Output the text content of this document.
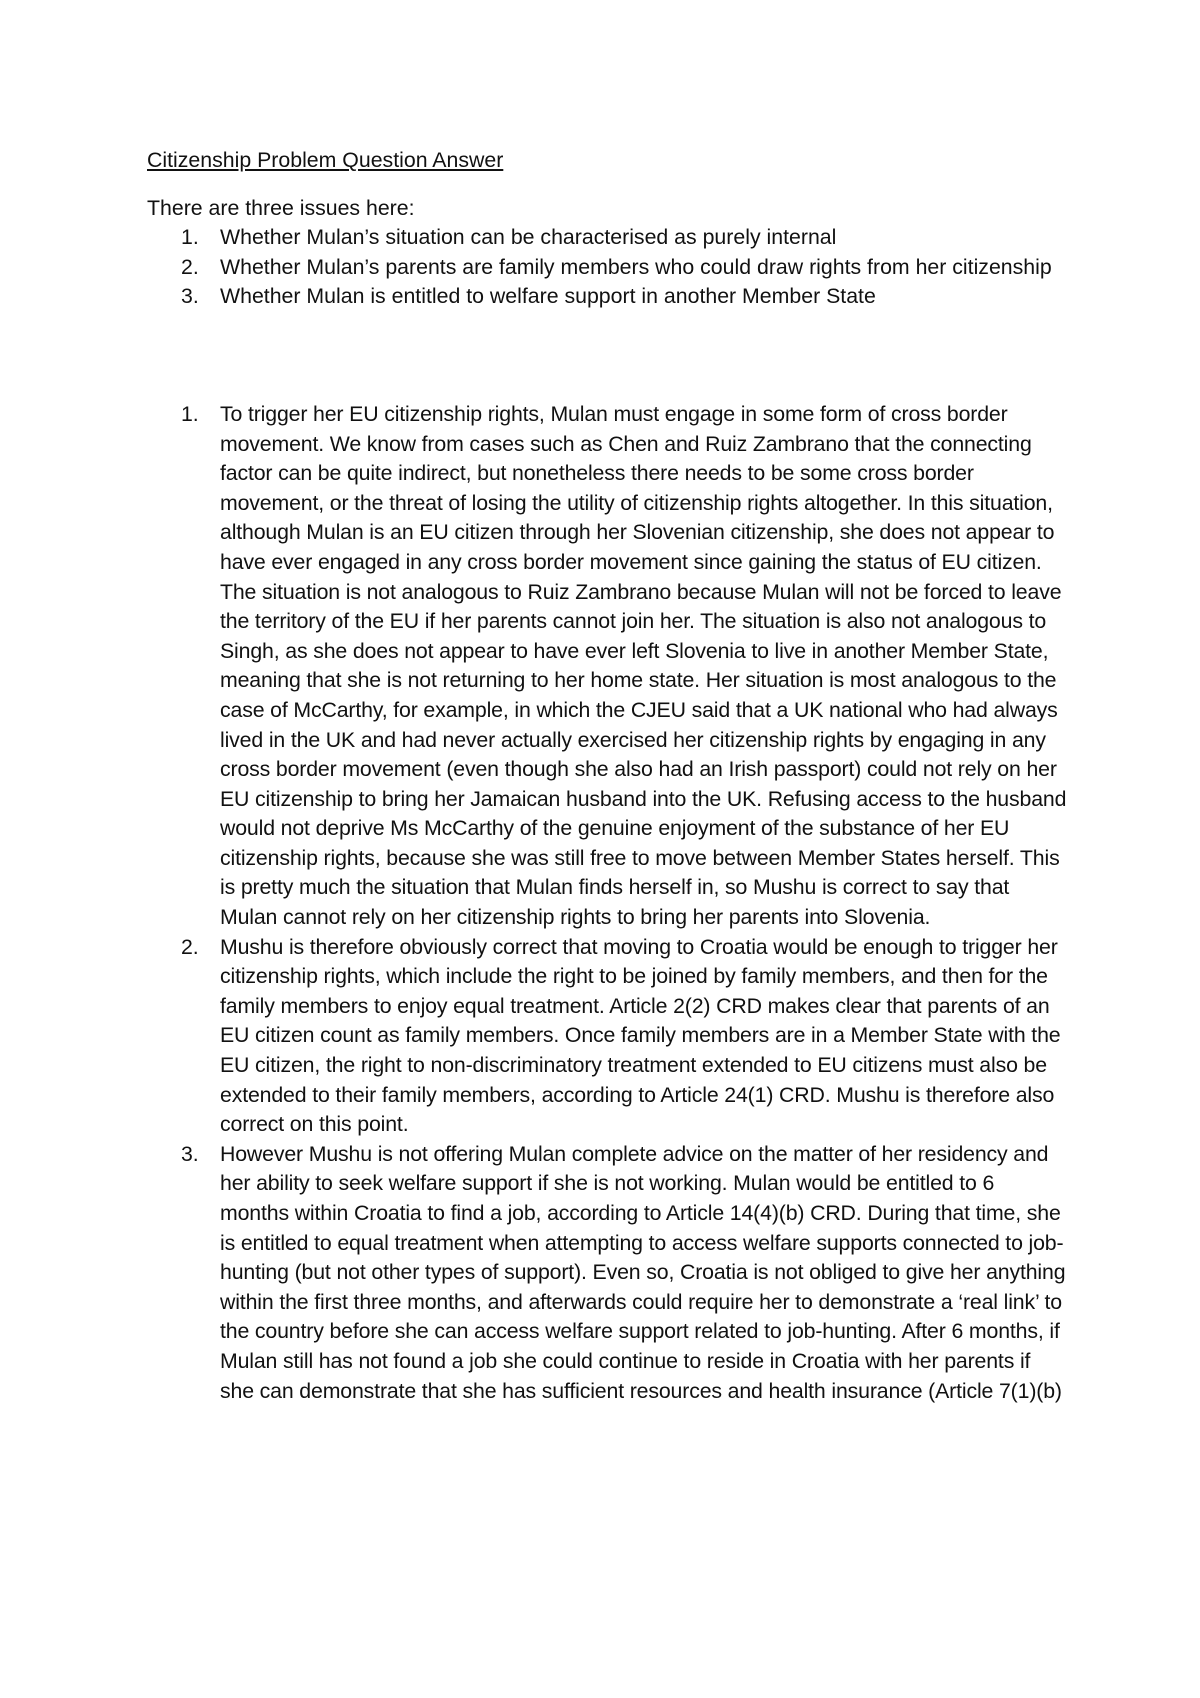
Citizenship Problem Question Answer

There are three issues here:

1. Whether Mulan’s situation can be characterised as purely internal
2. Whether Mulan’s parents are family members who could draw rights from her citizenship
3. Whether Mulan is entitled to welfare support in another Member State
1. To trigger her EU citizenship rights, Mulan must engage in some form of cross border movement. We know from cases such as Chen and Ruiz Zambrano that the connecting factor can be quite indirect, but nonetheless there needs to be some cross border movement, or the threat of losing the utility of citizenship rights altogether. In this situation, although Mulan is an EU citizen through her Slovenian citizenship, she does not appear to have ever engaged in any cross border movement since gaining the status of EU citizen. The situation is not analogous to Ruiz Zambrano because Mulan will not be forced to leave the territory of the EU if her parents cannot join her. The situation is also not analogous to Singh, as she does not appear to have ever left Slovenia to live in another Member State, meaning that she is not returning to her home state. Her situation is most analogous to the case of McCarthy, for example, in which the CJEU said that a UK national who had always lived in the UK and had never actually exercised her citizenship rights by engaging in any cross border movement (even though she also had an Irish passport) could not rely on her EU citizenship to bring her Jamaican husband into the UK. Refusing access to the husband would not deprive Ms McCarthy of the genuine enjoyment of the substance of her EU citizenship rights, because she was still free to move between Member States herself. This is pretty much the situation that Mulan finds herself in, so Mushu is correct to say that Mulan cannot rely on her citizenship rights to bring her parents into Slovenia.
2. Mushu is therefore obviously correct that moving to Croatia would be enough to trigger her citizenship rights, which include the right to be joined by family members, and then for the family members to enjoy equal treatment. Article 2(2) CRD makes clear that parents of an EU citizen count as family members. Once family members are in a Member State with the EU citizen, the right to non-discriminatory treatment extended to EU citizens must also be extended to their family members, according to Article 24(1) CRD. Mushu is therefore also correct on this point.
3. However Mushu is not offering Mulan complete advice on the matter of her residency and her ability to seek welfare support if she is not working. Mulan would be entitled to 6 months within Croatia to find a job, according to Article 14(4)(b) CRD. During that time, she is entitled to equal treatment when attempting to access welfare supports connected to job-hunting (but not other types of support). Even so, Croatia is not obliged to give her anything within the first three months, and afterwards could require her to demonstrate a ‘real link’ to the country before she can access welfare support related to job-hunting. After 6 months, if Mulan still has not found a job she could continue to reside in Croatia with her parents if she can demonstrate that she has sufficient resources and health insurance (Article 7(1)(b)
